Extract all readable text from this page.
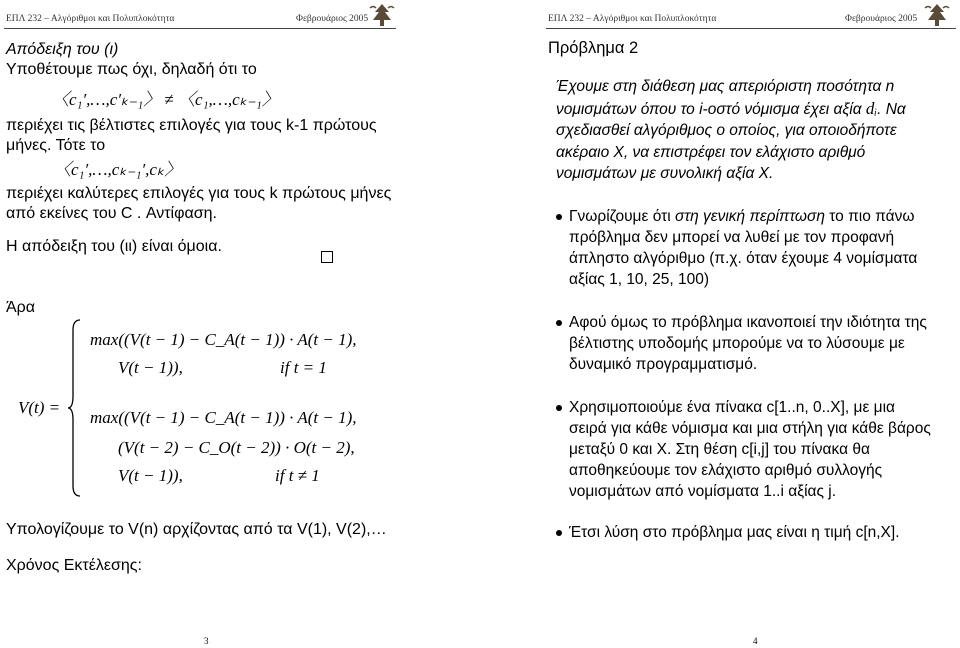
ΕΠΛ 232 – Αλγόριθμοι και Πολυπλοκότητα	Φεβρουάριος 2005
Απόδειξη του (ι)
Υποθέτουμε πως όχι, δηλαδή ότι το
〈c₁′,…,c′ₖ₋₁〉 ≠ 〈c₁,…,cₖ₋₁〉
περιέχει τις βέλτιστες επιλογές για τους k-1 πρώτους
μήνες. Τότε το
〈c₁′,…,cₖ₋₁′,cₖ〉
περιέχει καλύτερες επιλογές για τους k πρώτους μήνες
από εκείνες του C . Αντίφαση.
Η απόδειξη του (ιι) είναι όμοια.
Άρα
V(t) =
max((V(t − 1) − C_A(t − 1)) · A(t − 1),
V(t − 1)),	if t = 1
max((V(t − 1) − C_A(t − 1)) · A(t − 1),
(V(t − 2) − C_O(t − 2)) · O(t − 2),
V(t − 1)),	if t ≠ 1
Υπολογίζουμε το V(n) αρχίζοντας από τα V(1), V(2),…
Χρόνος Εκτέλεσης:
3
ΕΠΛ 232 – Αλγόριθμοι και Πολυπλοκότητα	Φεβρουάριος 2005
Πρόβλημα 2
Έχουμε στη διάθεση μας απεριόριστη ποσότητα n
νομισμάτων όπου το i-οστό νόμισμα έχει αξία dᵢ. Να
σχεδιασθεί αλγόριθμος ο οποίος, για οποιοδήποτε
ακέραιο X, να επιστρέφει τον ελάχιστο αριθμό
νομισμάτων με συνολική αξία X.
Γνωρίζουμε ότι στη γενική περίπτωση το πιο πάνω
πρόβλημα δεν μπορεί να λυθεί με τον προφανή
άπληστο αλγόριθμο (π.χ. όταν έχουμε 4 νομίσματα
αξίας 1, 10, 25, 100)
Αφού όμως το πρόβλημα ικανοποιεί την ιδιότητα της
βέλτιστης υποδομής μπορούμε να το λύσουμε με
δυναμικό προγραμματισμό.
Χρησιμοποιούμε ένα πίνακα c[1..n, 0..X], με μια
σειρά για κάθε νόμισμα και μια στήλη για κάθε βάρος
μεταξύ 0 και X. Στη θέση c[i,j] του πίνακα θα
αποθηκεύουμε τον ελάχιστο αριθμό συλλογής
νομισμάτων από νομίσματα 1..i αξίας j.
Έτσι λύση στο πρόβλημα μας είναι η τιμή c[n,X].
4
